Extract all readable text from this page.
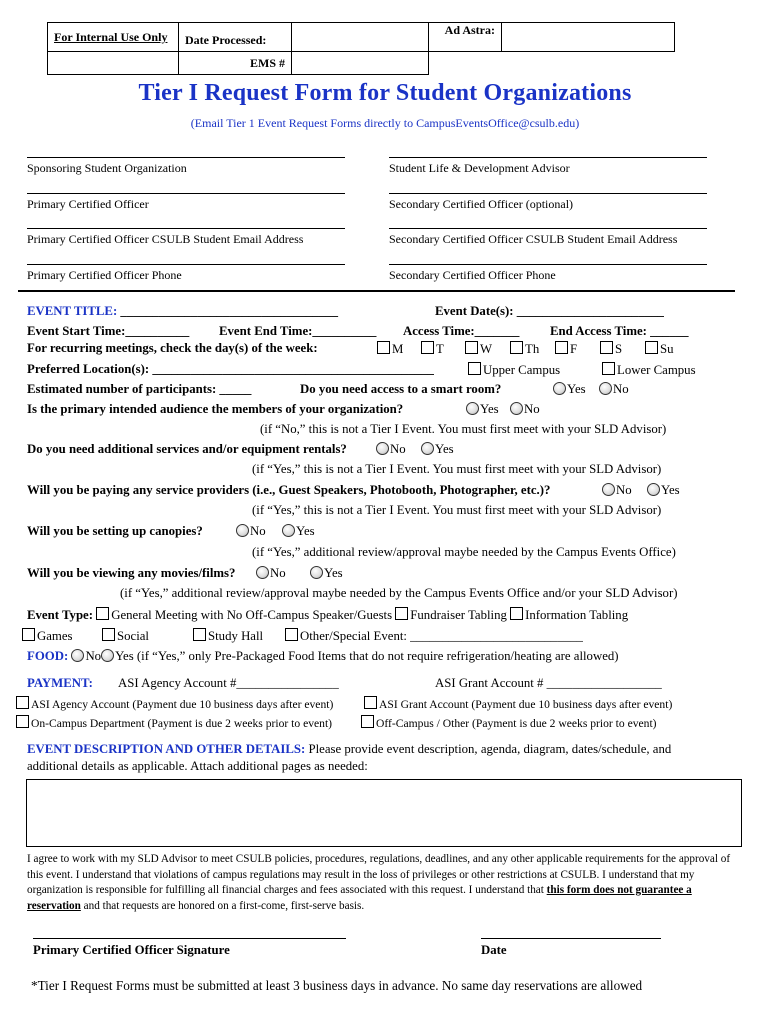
For Internal Use Only	Date Processed:		Ad Astra:	
	EMS #			
Tier I Request Form for Student Organizations
(Email Tier 1 Event Request Forms directly to CampusEventsOffice@csulb.edu)
Sponsoring Student Organization	Student Life & Development Advisor
Primary Certified Officer	Secondary Certified Officer (optional)
Primary Certified Officer CSULB Student Email Address	Secondary Certified Officer CSULB Student Email Address
Primary Certified Officer Phone	Secondary Certified Officer Phone
EVENT TITLE: __________________________________	Event Date(s): _______________________
Event Start Time:__________ Event End Time:__________ Access Time:_______ End Access Time: ______
For recurring meetings, check the day(s) of the week:	M	T	W	Th	F	S	Su
Preferred Location(s): ____________________________________________	Upper Campus	Lower Campus
Estimated number of participants: _____	Do you need access to a smart room?	Yes	No
Is the primary intended audience the members of your organization?	Yes	No
(if “No,” this is not a Tier I Event. You must first meet with your SLD Advisor)
Do you need additional services and/or equipment rentals?	No	Yes
(if “Yes,” this is not a Tier I Event. You must first meet with your SLD Advisor)
Will you be paying any service providers (i.e., Guest Speakers, Photobooth, Photographer, etc.)?	No	Yes
(if “Yes,” this is not a Tier I Event. You must first meet with your SLD Advisor)
Will you be setting up canopies?	No	Yes
(if “Yes,” additional review/approval maybe needed by the Campus Events Office)
Will you be viewing any movies/films?	No	Yes
(if “Yes,” additional review/approval maybe needed by the Campus Events Office and/or your SLD Advisor)
Event Type: General Meeting with No Off-Campus Speaker/Guests Fundraiser Tabling Information Tabling
Games	Social	Study Hall	Other/Special Event: ___________________________
FOOD: No Yes (if “Yes,” only Pre-Packaged Food Items that do not require refrigeration/heating are allowed)
PAYMENT: ASI Agency Account #________________	ASI Grant Account # __________________
ASI Agency Account (Payment due 10 business days after event)	ASI Grant Account (Payment due 10 business days after event)
On-Campus Department (Payment is due 2 weeks prior to event)	Off-Campus / Other (Payment is due 2 weeks prior to event)
EVENT DESCRIPTION AND OTHER DETAILS: Please provide event description, agenda, diagram, dates/schedule, and
additional details as applicable. Attach additional pages as needed:
I agree to work with my SLD Advisor to meet CSULB policies, procedures, regulations, deadlines, and any other applicable requirements for the approval of this event. I understand that violations of campus regulations may result in the loss of privileges or other restrictions at CSULB. I understand that my organization is responsible for fulfilling all financial charges and fees associated with this request. I understand that this form does not guarantee a reservation and that requests are honored on a first-come, first-serve basis.
Primary Certified Officer Signature	Date
*Tier I Request Forms must be submitted at least 3 business days in advance. No same day reservations are allowed
